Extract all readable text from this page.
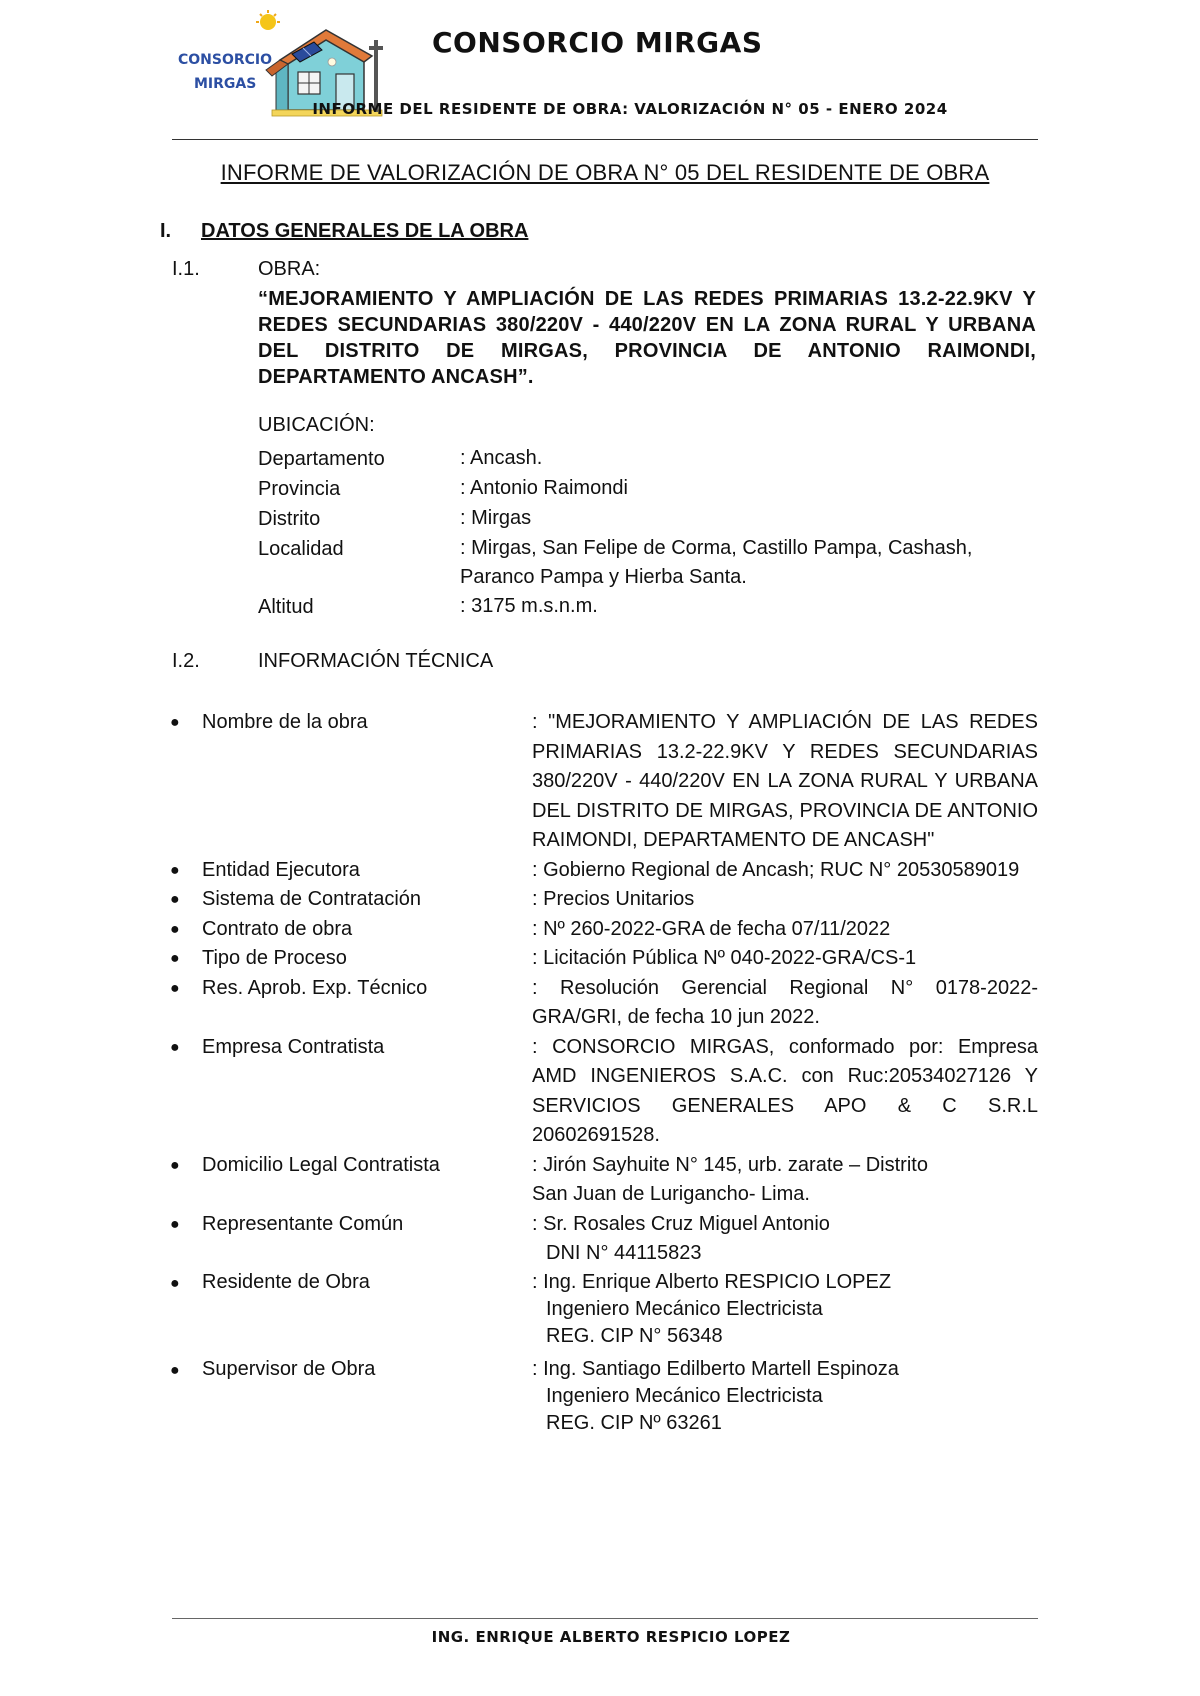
CONSORCIO
MIRGAS
CONSORCIO MIRGAS
INFORME DEL RESIDENTE DE OBRA: VALORIZACIÓN N° 05 - ENERO 2024
INFORME DE VALORIZACIÓN DE OBRA N° 05 DEL RESIDENTE DE OBRA
I. DATOS GENERALES DE LA OBRA
I.1.	OBRA:
“MEJORAMIENTO Y AMPLIACIÓN DE LAS REDES PRIMARIAS 13.2-22.9KV Y REDES SECUNDARIAS 380/220V - 440/220V EN LA ZONA RURAL Y URBANA DEL DISTRITO DE MIRGAS, PROVINCIA DE ANTONIO RAIMONDI, DEPARTAMENTO ANCASH”.
UBICACIÓN:
Departamento	: Ancash.
Provincia	: Antonio Raimondi
Distrito	: Mirgas
Localidad	: Mirgas, San Felipe de Corma, Castillo Pampa, Cashash, Paranco Pampa y Hierba Santa.
Altitud	: 3175 m.s.n.m.
I.2.	INFORMACIÓN TÉCNICA
●	Nombre de la obra	: "MEJORAMIENTO Y AMPLIACIÓN DE LAS REDES PRIMARIAS 13.2-22.9KV Y REDES SECUNDARIAS 380/220V - 440/220V EN LA ZONA RURAL Y URBANA DEL DISTRITO DE MIRGAS, PROVINCIA DE ANTONIO RAIMONDI, DEPARTAMENTO DE ANCASH"
●	Entidad Ejecutora	: Gobierno Regional de Ancash; RUC N° 20530589019
●	Sistema de Contratación	: Precios Unitarios
●	Contrato de obra	: Nº 260-2022-GRA de fecha 07/11/2022
●	Tipo de Proceso	: Licitación Pública Nº 040-2022-GRA/CS-1
●	Res. Aprob. Exp. Técnico	: Resolución Gerencial Regional N° 0178-2022-GRA/GRI, de fecha 10 jun 2022.
●	Empresa Contratista	: CONSORCIO MIRGAS, conformado por: Empresa AMD INGENIEROS S.A.C. con Ruc:20534027126 Y SERVICIOS GENERALES APO & C S.R.L 20602691528.
●	Domicilio Legal Contratista	: Jirón Sayhuite N° 145, urb. zarate – Distrito
San Juan de Lurigancho- Lima.
●	Representante Común	: Sr. Rosales Cruz Miguel Antonio
DNI N° 44115823
●	Residente de Obra	: Ing. Enrique Alberto RESPICIO LOPEZ
Ingeniero Mecánico Electricista
REG. CIP N° 56348
●	Supervisor de Obra	: Ing. Santiago Edilberto Martell Espinoza
Ingeniero Mecánico Electricista
REG. CIP Nº 63261
ING. ENRIQUE ALBERTO RESPICIO LOPEZ
